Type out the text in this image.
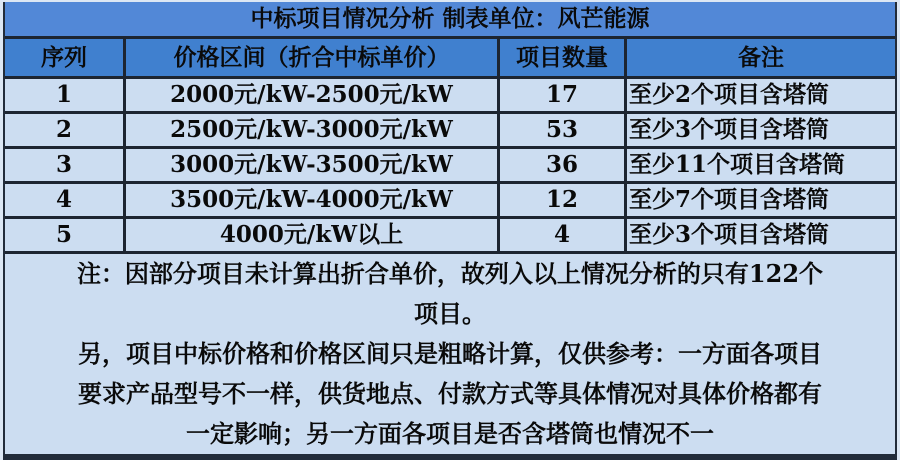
中标项目情况分析 制表单位：风芒能源
序列	价格区间（折合中标单价）	项目数量	备注
1	2000元/kW-2500元/kW	17	至少2个项目含塔筒
2	2500元/kW-3000元/kW	53	至少3个项目含塔筒
3	3000元/kW-3500元/kW	36	至少11个项目含塔筒
4	3500元/kW-4000元/kW	12	至少7个项目含塔筒
5	4000元/kW以上	4	至少3个项目含塔筒
注：因部分项目未计算出折合单价，故列入以上情况分析的只有122个
项目。
另，项目中标价格和价格区间只是粗略计算，仅供参考：一方面各项目
要求产品型号不一样，供货地点、付款方式等具体情况对具体价格都有
一定影响；另一方面各项目是否含塔筒也情况不一
